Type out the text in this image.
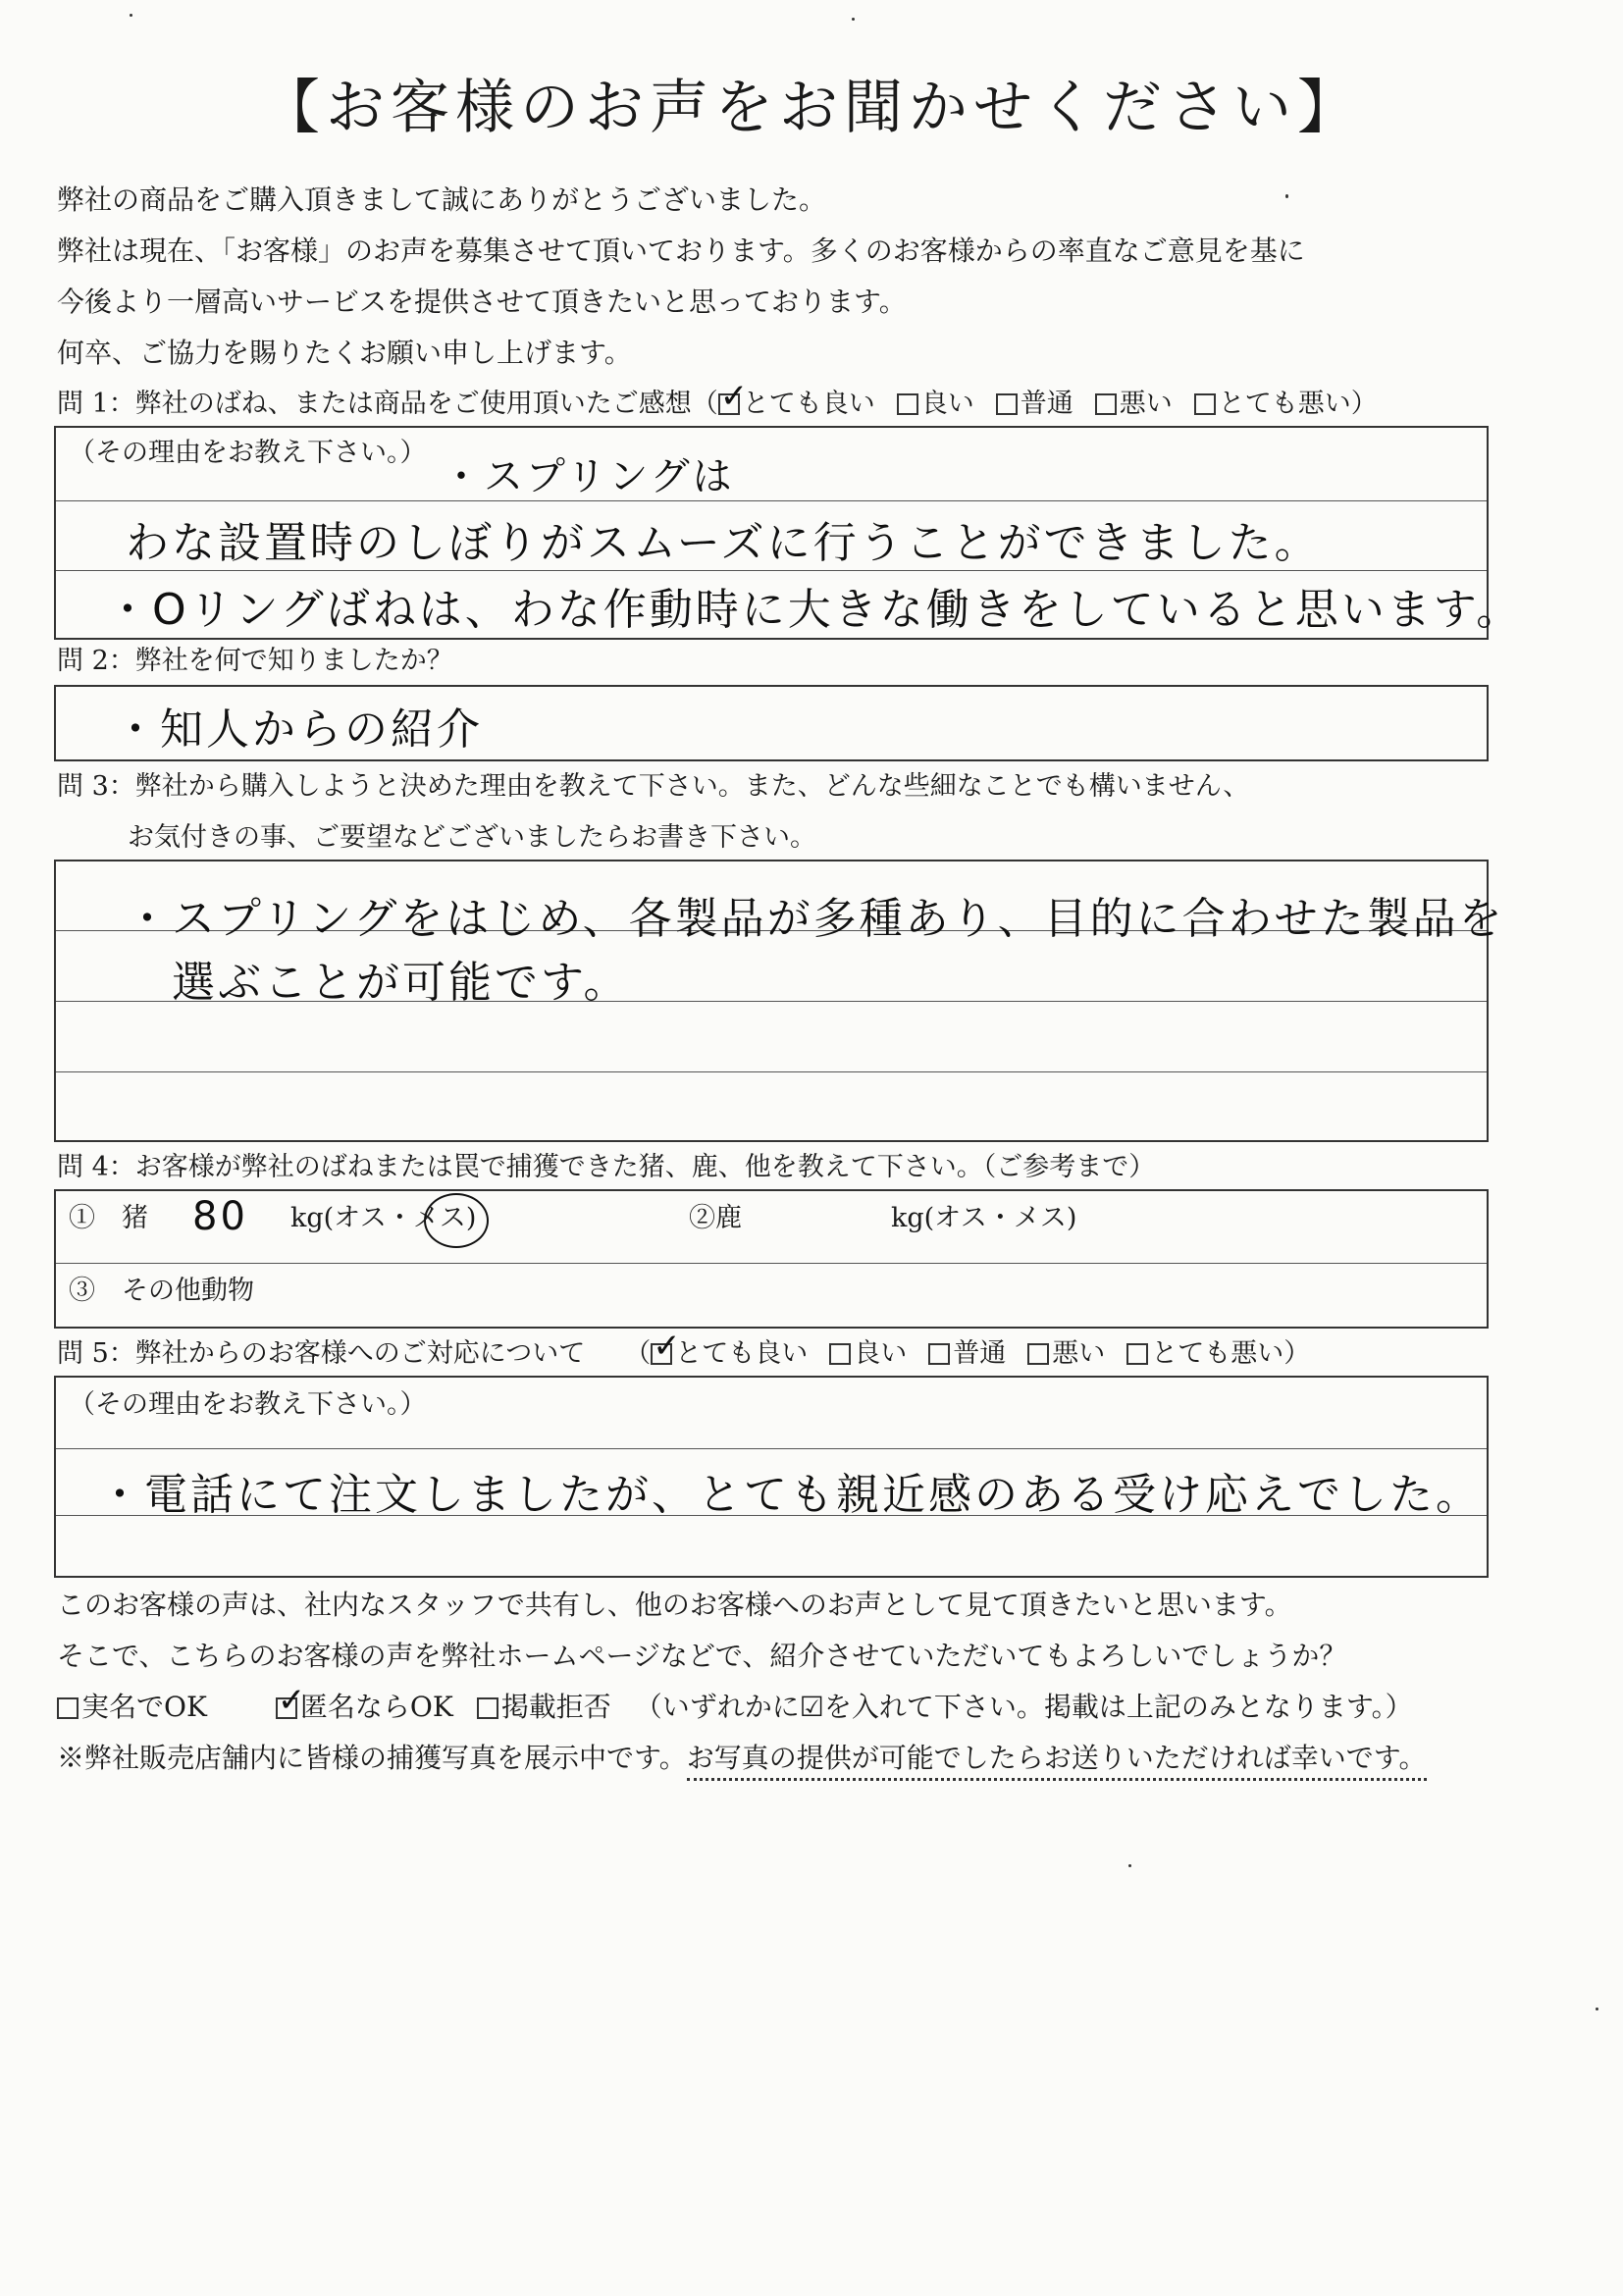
【お客様のお声をお聞かせください】
弊社の商品をご購入頂きまして誠にありがとうございました。
弊社は現在、「お客様」のお声を募集させて頂いております。多くのお客様からの率直なご意見を基に
今後より一層高いサービスを提供させて頂きたいと思っております。
何卒、ご協力を賜りたくお願い申し上げます。
問 1：弊社のばね、または商品をご使用頂いたご感想（ ✓ とても良い 良い 普通 悪い とても悪い）
（その理由をお教え下さい。）
・スプリングは
わな設置時のしぼりがスムーズに行うことができました。
・Oリングばねは、わな作動時に大きな働きをしていると思います。
問 2：弊社を何で知りましたか？
・知人からの紹介
問 3：弊社から購入しようと決めた理由を教えて下さい。また、どんな些細なことでも構いません、
お気付きの事、ご要望などございましたらお書き下さい。
・スプリングをはじめ、各製品が多種あり、目的に合わせた製品を
選ぶことが可能です。
問 4：お客様が弊社のばねまたは罠で捕獲できた猪、鹿、他を教えて下さい。（ご参考まで）
①　猪 80 kg(オス・メス)	②鹿	kg(オス・メス)
③　その他動物
問 5：弊社からのお客様へのご対応について （ ✓ とても良い 良い 普通 悪い とても悪い）
（その理由をお教え下さい。）
・電話にて注文しましたが、とても親近感のある受け応えでした。
このお客様の声は、社内なスタッフで共有し、他のお客様へのお声として見て頂きたいと思います。
そこで、こちらのお客様の声を弊社ホームページなどで、紹介させていただいてもよろしいでしょうか？
実名でOK ✓	匿名ならOK 掲載拒否 （いずれかに☑を入れて下さい。掲載は上記のみとなります。）
※弊社販売店舗内に皆様の捕獲写真を展示中です。お写真の提供が可能でしたらお送りいただければ幸いです。
